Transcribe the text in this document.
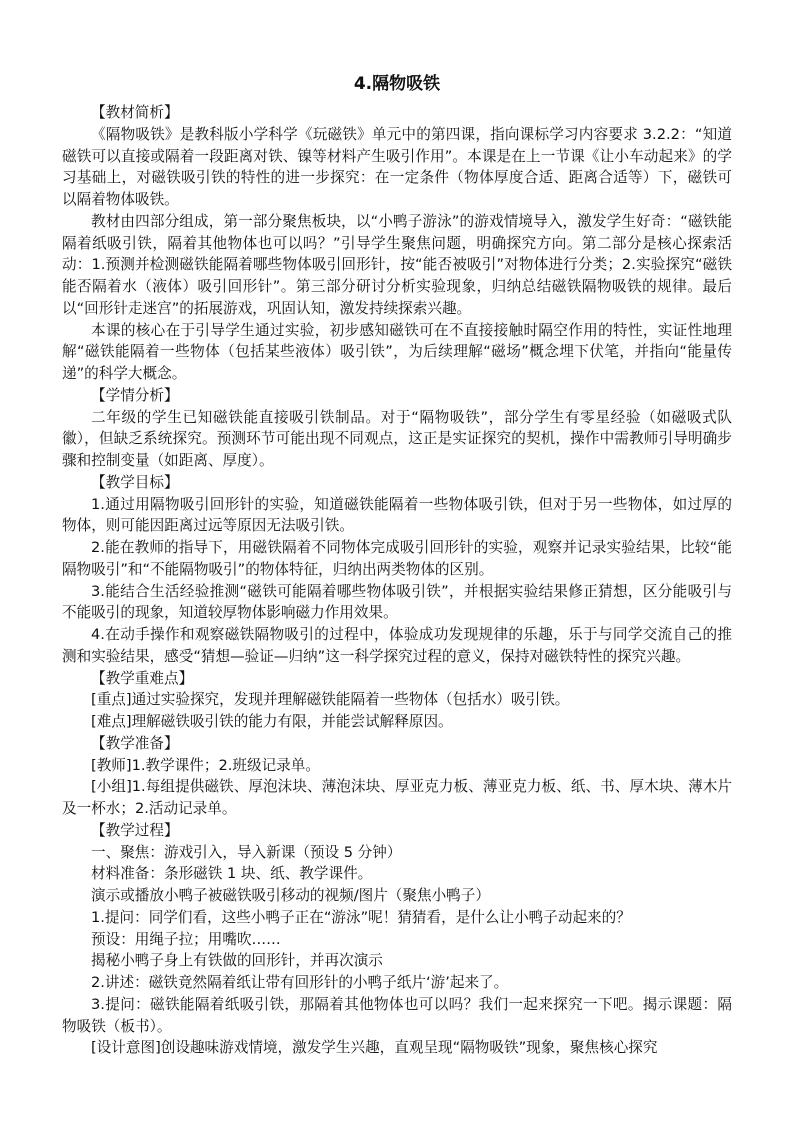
4.隔物吸铁

【教材简析】

《隔物吸铁》是教科版小学科学《玩磁铁》单元中的第四课，指向课标学习内容要求 3.2.2：“知道磁铁可以直接或隔着一段距离对铁、镍等材料产生吸引作用”。本课是在上一节课《让小车动起来》的学习基础上，对磁铁吸引铁的特性的进一步探究：在一定条件（物体厚度合适、距离合适等）下，磁铁可以隔着物体吸铁。

教材由四部分组成，第一部分聚焦板块，以“小鸭子游泳”的游戏情境导入，激发学生好奇：“磁铁能隔着纸吸引铁，隔着其他物体也可以吗？”引导学生聚焦问题，明确探究方向。第二部分是核心探索活动：1.预测并检测磁铁能隔着哪些物体吸引回形针，按“能否被吸引”对物体进行分类；2.实验探究“磁铁能否隔着水（液体）吸引回形针”。第三部分研讨分析实验现象，归纳总结磁铁隔物吸铁的规律。最后以“回形针走迷宫”的拓展游戏，巩固认知，激发持续探索兴趣。

本课的核心在于引导学生通过实验，初步感知磁铁可在不直接接触时隔空作用的特性，实证性地理解“磁铁能隔着一些物体（包括某些液体）吸引铁”，为后续理解“磁场”概念埋下伏笔，并指向“能量传递”的科学大概念。

【学情分析】

二年级的学生已知磁铁能直接吸引铁制品。对于“隔物吸铁”，部分学生有零星经验（如磁吸式队徽），但缺乏系统探究。预测环节可能出现不同观点，这正是实证探究的契机，操作中需教师引导明确步骤和控制变量（如距离、厚度）。

【教学目标】

1.通过用隔物吸引回形针的实验，知道磁铁能隔着一些物体吸引铁，但对于另一些物体，如过厚的物体，则可能因距离过远等原因无法吸引铁。

2.能在教师的指导下，用磁铁隔着不同物体完成吸引回形针的实验，观察并记录实验结果，比较“能隔物吸引”和“不能隔物吸引”的物体特征，归纳出两类物体的区别。

3.能结合生活经验推测“磁铁可能隔着哪些物体吸引铁”，并根据实验结果修正猜想，区分能吸引与不能吸引的现象，知道较厚物体影响磁力作用效果。

4.在动手操作和观察磁铁隔物吸引的过程中，体验成功发现规律的乐趣，乐于与同学交流自己的推测和实验结果，感受“猜想—验证—归纳”这一科学探究过程的意义，保持对磁铁特性的探究兴趣。

【教学重难点】

[重点]通过实验探究，发现并理解磁铁能隔着一些物体（包括水）吸引铁。

[难点]理解磁铁吸引铁的能力有限，并能尝试解释原因。

【教学准备】

[教师]1.教学课件；2.班级记录单。

[小组]1.每组提供磁铁、厚泡沫块、薄泡沫块、厚亚克力板、薄亚克力板、纸、书、厚木块、薄木片及一杯水；2.活动记录单。

【教学过程】

一、聚焦：游戏引入，导入新课（预设 5 分钟）

材料准备：条形磁铁 1 块、纸、教学课件。

演示或播放小鸭子被磁铁吸引移动的视频/图片（聚焦小鸭子）

1.提问：同学们看，这些小鸭子正在“游泳”呢！猜猜看，是什么让小鸭子动起来的？

预设：用绳子拉；用嘴吹……

揭秘小鸭子身上有铁做的回形针，并再次演示

2.讲述：磁铁竟然隔着纸让带有回形针的小鸭子纸片‘游’起来了。

3.提问：磁铁能隔着纸吸引铁，那隔着其他物体也可以吗？我们一起来探究一下吧。揭示课题：隔物吸铁（板书）。

[设计意图]创设趣味游戏情境，激发学生兴趣，直观呈现“隔物吸铁”现象，聚焦核心探究
